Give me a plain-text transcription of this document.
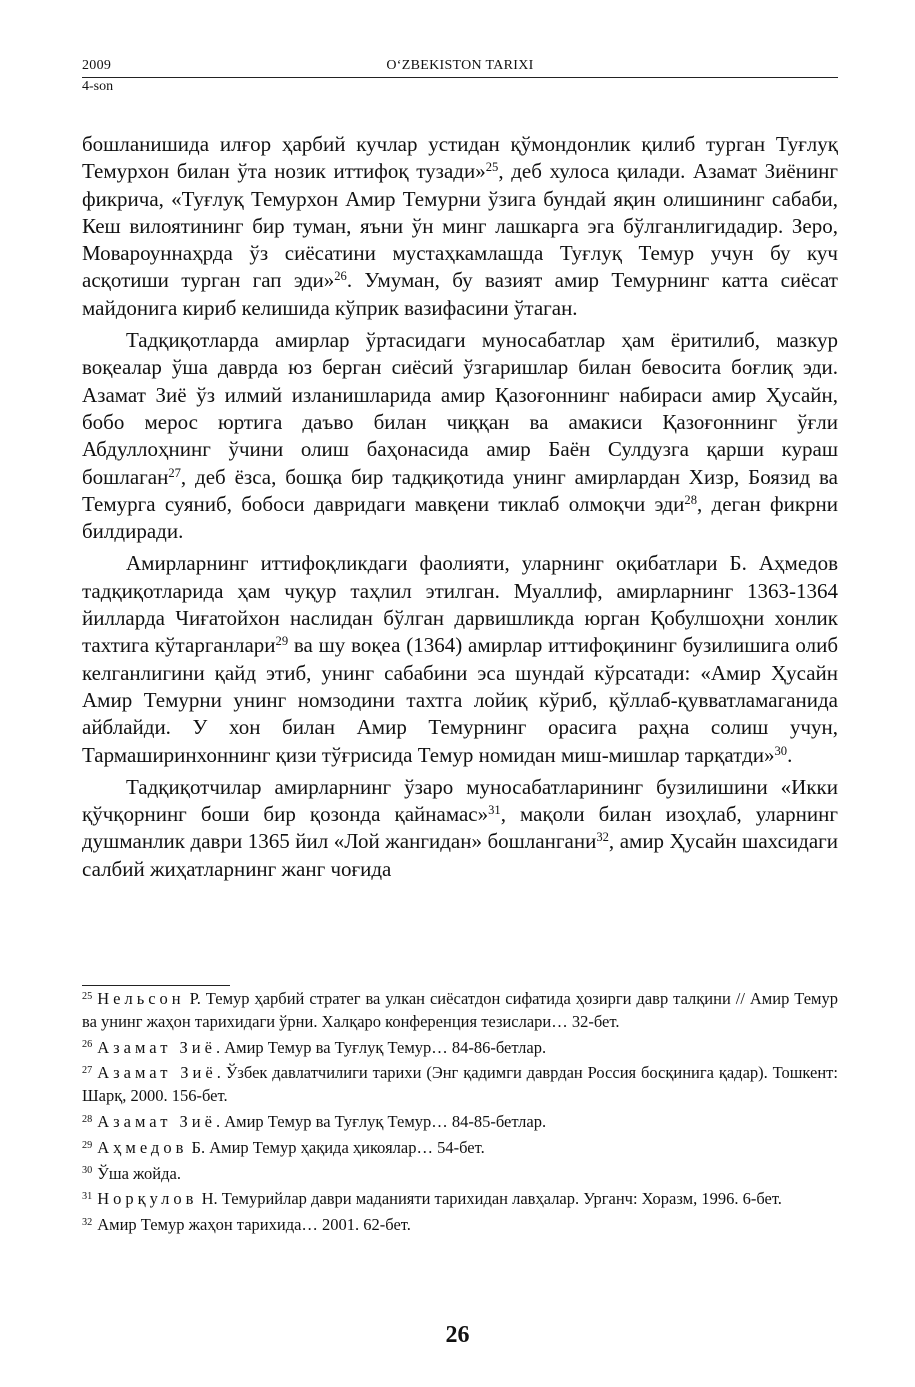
2009	O‘ZBEKISTON TARIXI
4-son

бошланишида илғор ҳарбий кучлар устидан қўмондонлик қилиб турган Туғлуқ Темурхон билан ўта нозик иттифоқ тузади»$^{25}$, деб хулоса қилади. Азамат Зиёнинг фикрича, «Туғлуқ Темурхон Амир Темурни ўзига бундай яқин олишининг сабаби, Кеш вилоятининг бир туман, яъни ўн минг лашкарга эга бўлганлигидадир. Зеро, Мовароуннаҳрда ўз сиёсатини мустаҳкамлашда Туғлуқ Темур учун бу куч асқотиши турган гап эди»$^{26}$. Умуман, бу вазият амир Темурнинг катта сиёсат майдонига кириб келишида кўприк вазифасини ўтаган.

Тадқиқотларда амирлар ўртасидаги муносабатлар ҳам ёритилиб, мазкур воқеалар ўша даврда юз берган сиёсий ўзгаришлар билан бевосита боғлиқ эди. Азамат Зиё ўз илмий изланишларида амир Қазоғоннинг набираси амир Ҳусайн, бобо мерос юртига даъво билан чиққан ва амакиси Қазоғоннинг ўғли Абдуллоҳнинг ўчини олиш баҳонасида амир Баён Сулдузга қарши кураш бошлаган$^{27}$, деб ёзса, бошқа бир тадқиқотида унинг амирлардан Хизр, Боязид ва Темурга суяниб, бобоси давридаги мавқени тиклаб олмоқчи эди$^{28}$, деган фикрни билдиради.

Амирларнинг иттифоқликдаги фаолияти, уларнинг оқибатлари Б. Аҳмедов тадқиқотларида ҳам чуқур таҳлил этилган. Муаллиф, амирларнинг 1363-1364 йилларда Чиғатойхон наслидан бўлган дарвишликда юрган Қобулшоҳни хонлик тахтига кўтарганлари$^{29}$ ва шу воқеа (1364) амирлар иттифоқининг бузилишига олиб келганлигини қайд этиб, унинг сабабини эса шундай кўрсатади: «Амир Ҳусайн Амир Темурни унинг номзодини тахтга лойиқ кўриб, қўллаб-қувватламаганида айблайди. У хон билан Амир Темурнинг орасига раҳна солиш учун, Тармаширинхоннинг қизи тўғрисида Темур номидан миш-мишлар тарқатди»$^{30}$.

Тадқиқотчилар амирларнинг ўзаро муносабатларининг бузилишини «Икки қўчқорнинг боши бир қозонда қайнамас»$^{31}$, мақоли билан изоҳлаб, уларнинг душманлик даври 1365 йил «Лой жангидан» бошлангани$^{32}$, амир Ҳусайн шахсидаги салбий жиҳатларнинг жанг чоғида

$^{25}$ Нельсон Р. Темур ҳарбий стратег ва улкан сиёсатдон сифатида ҳозирги давр талқини // Амир Темур ва унинг жаҳон тарихидаги ўрни. Халқаро конференция тезислари… 32-бет.

$^{26}$ Азамат Зиё. Амир Темур ва Туғлуқ Темур… 84-86-бетлар.

$^{27}$ Азамат Зиё. Ўзбек давлатчилиги тарихи (Энг қадимги даврдан Россия босқинига қадар). Тошкент: Шарқ, 2000. 156-бет.

$^{28}$ Азамат Зиё. Амир Темур ва Туғлуқ Темур… 84-85-бетлар.

$^{29}$ Аҳмедов Б. Амир Темур ҳақида ҳикоялар… 54-бет.

$^{30}$ Ўша жойда.

$^{31}$ Норқулов Н. Темурийлар даври маданияти тарихидан лавҳалар. Урганч: Хоразм, 1996. 6-бет.

$^{32}$ Амир Темур жаҳон тарихида… 2001. 62-бет.

26
